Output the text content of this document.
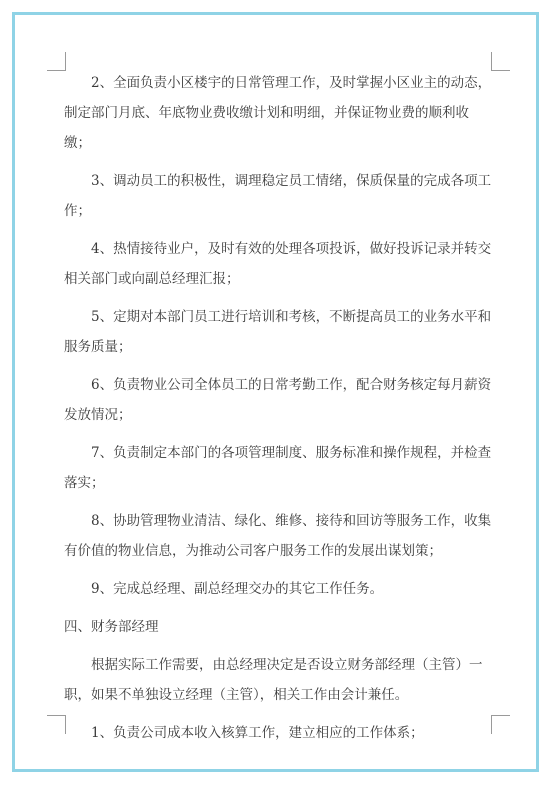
2、全面负责小区楼宇的日常管理工作，及时掌握小区业主的动态，制定部门月底、年底物业费收缴计划和明细，并保证物业费的顺利收缴；

3、调动员工的积极性，调理稳定员工情绪，保质保量的完成各项工作；

4、热情接待业户，及时有效的处理各项投诉，做好投诉记录并转交相关部门或向副总经理汇报；

5、定期对本部门员工进行培训和考核，不断提高员工的业务水平和服务质量；

6、负责物业公司全体员工的日常考勤工作，配合财务核定每月薪资发放情况；

7、负责制定本部门的各项管理制度、服务标准和操作规程，并检查落实；

8、协助管理物业清洁、绿化、维修、接待和回访等服务工作，收集有价值的物业信息，为推动公司客户服务工作的发展出谋划策；

9、完成总经理、副总经理交办的其它工作任务。

四、财务部经理

根据实际工作需要，由总经理决定是否设立财务部经理（主管）一职，如果不单独设立经理（主管），相关工作由会计兼任。

1、负责公司成本收入核算工作，建立相应的工作体系；
